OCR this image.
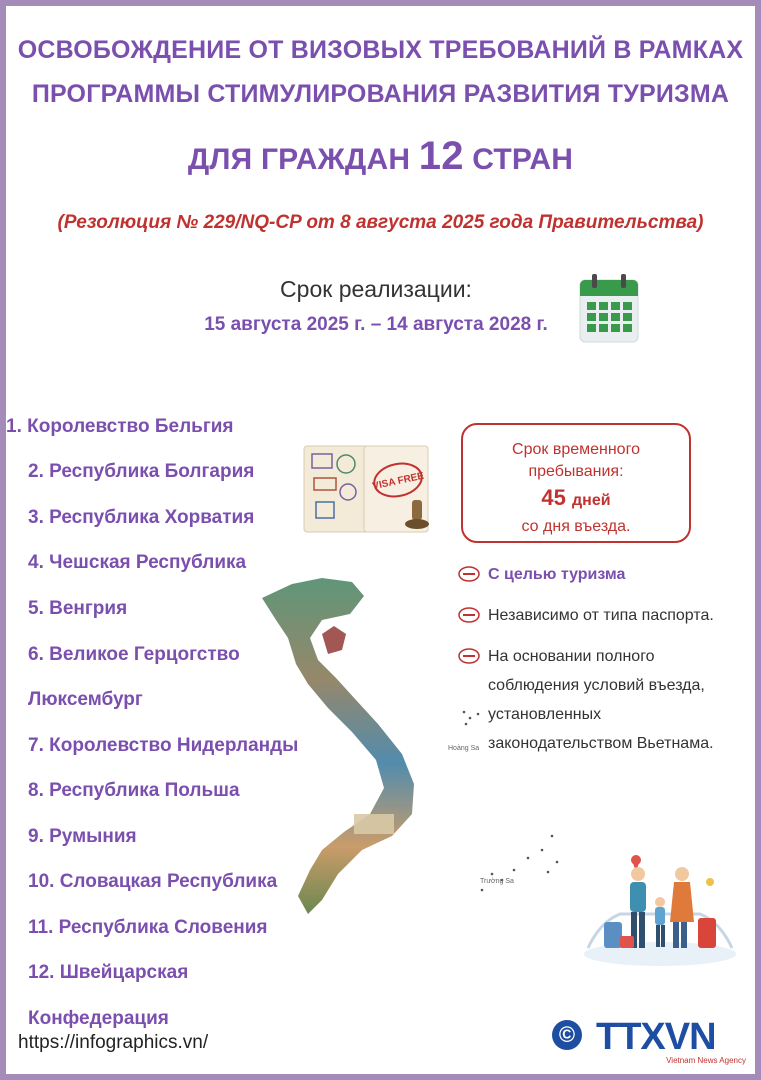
ОСВОБОЖДЕНИЕ ОТ ВИЗОВЫХ ТРЕБОВАНИЙ В РАМКАХ
ПРОГРАММЫ СТИМУЛИРОВАНИЯ РАЗВИТИЯ ТУРИЗМА
ДЛЯ ГРАЖДАН 12 СТРАН
(Резолюция № 229/NQ-CP от 8 августа 2025 года Правительства)
Срок реализации:
15 августа 2025 г. – 14 августа 2028 г.
1. Королевство Бельгия
2. Республика Болгария
3. Республика Хорватия
4. Чешская Республика
5. Венгрия
6. Великое Герцогство
Люксембург
7. Королевство Нидерланды
8. Республика Польша
9. Румыния
10. Словацкая Республика
11. Республика Словения
12. Швейцарская
Конфедерация
Hoàng Sa
Trường Sa
VISA FREE
Срок временного
пребывания:
45 дней
со дня въезда.
С целью туризма
Независимо от типа паспорта.
На основании полного соблюдения условий въезда, установленных законодательством Вьетнама.
https://infographics.vn/	© TTXVN
Vietnam News Agency
